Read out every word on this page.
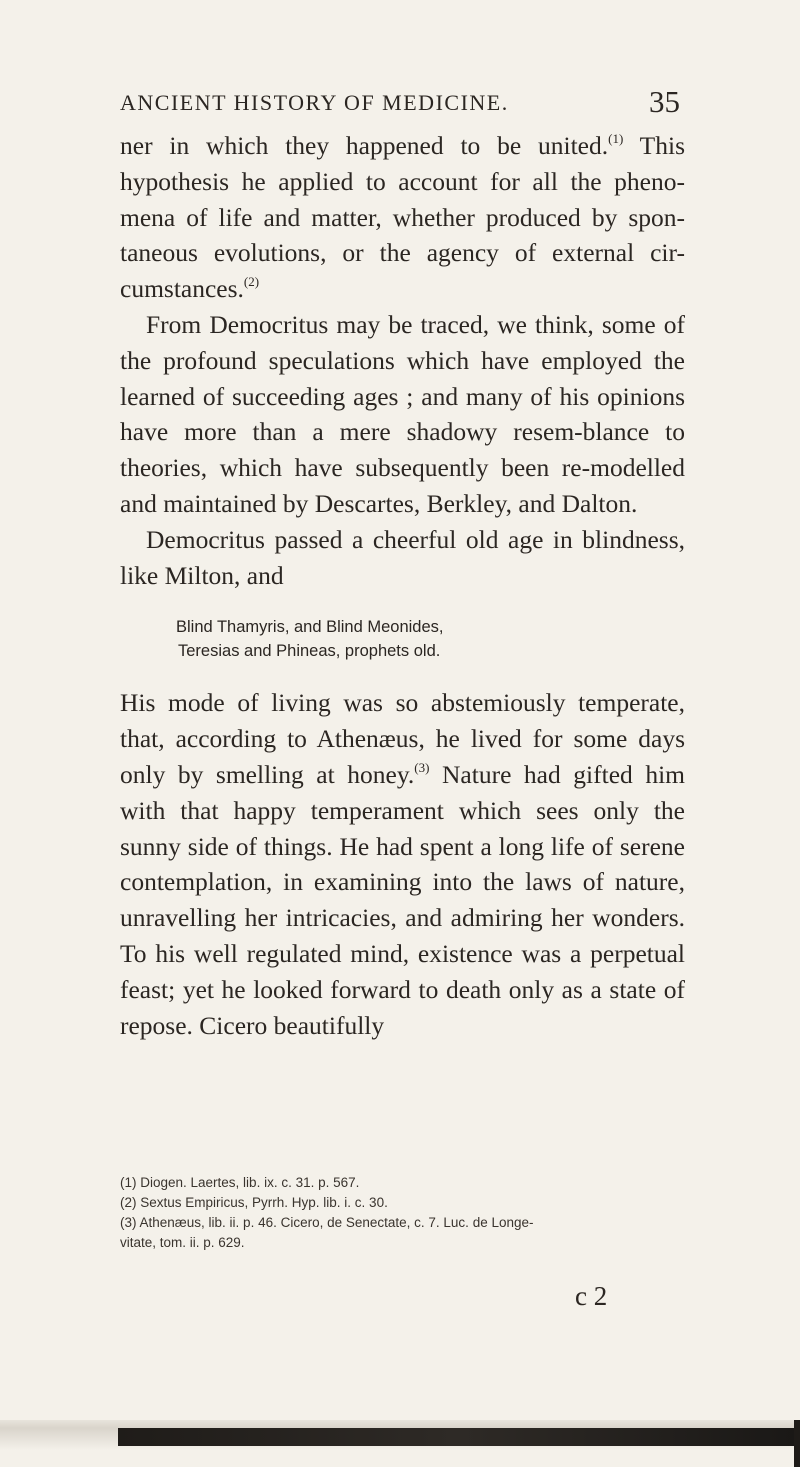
ANCIENT HISTORY OF MEDICINE.	35

ner in which they happened to be united.$^{(1)}$ This hypothesis he applied to account for all the pheno-mena of life and matter, whether produced by spon-taneous evolutions, or the agency of external cir-cumstances.$^{(2)}$

From Democritus may be traced, we think, some of the profound speculations which have employed the learned of succeeding ages ; and many of his opinions have more than a mere shadowy resem-blance to theories, which have subsequently been re-modelled and maintained by Descartes, Berkley, and Dalton.

Democritus passed a cheerful old age in blindness, like Milton, and

Blind Thamyris, and Blind Meonides,
Teresias and Phineas, prophets old.

His mode of living was so abstemiously temperate, that, according to Athenæus, he lived for some days only by smelling at honey.$^{(3)}$ Nature had gifted him with that happy temperament which sees only the sunny side of things. He had spent a long life of serene contemplation, in examining into the laws of nature, unravelling her intricacies, and admiring her wonders. To his well regulated mind, existence was a perpetual feast; yet he looked forward to death only as a state of repose. Cicero beautifully

(1) Diogen. Laertes, lib. ix. c. 31. p. 567.
(2) Sextus Empiricus, Pyrrh. Hyp. lib. i. c. 30.
(3) Athenæus, lib. ii. p. 46. Cicero, de Senectate, c. 7. Luc. de Longe-
vitate, tom. ii. p. 629.
c 2
